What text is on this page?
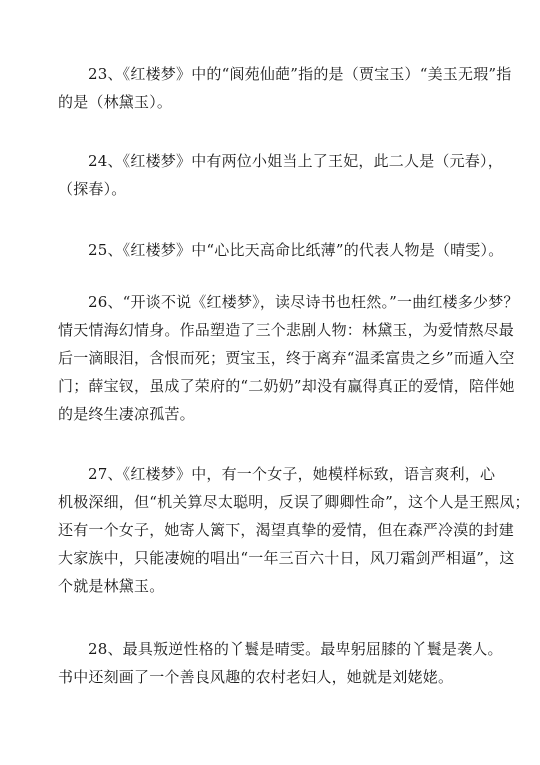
23、《红楼梦》中的“阆苑仙葩”指的是（贾宝玉）“美玉无瑕”指
的是（林黛玉）。
24、《红楼梦》中有两位小姐当上了王妃，此二人是（元春），
（探春）。
25、《红楼梦》中“心比天高命比纸薄”的代表人物是（晴雯）。
26、“开谈不说《红楼梦》，读尽诗书也枉然。”一曲红楼多少梦？
情天情海幻情身。作品塑造了三个悲剧人物：林黛玉，为爱情熬尽最
后一滴眼泪，含恨而死；贾宝玉，终于离弃“温柔富贵之乡”而遁入空
门；薛宝钗，虽成了荣府的“二奶奶”却没有赢得真正的爱情，陪伴她
的是终生凄凉孤苦。
27、《红楼梦》中，有一个女子，她模样标致，语言爽利，心
机极深细，但“机关算尽太聪明，反误了卿卿性命”，这个人是王熙凤；
还有一个女子，她寄人篱下，渴望真挚的爱情，但在森严冷漠的封建
大家族中，只能凄婉的唱出“一年三百六十日，风刀霜剑严相逼”，这
个就是林黛玉。
28、最具叛逆性格的丫鬟是晴雯。最卑躬屈膝的丫鬟是袭人。
书中还刻画了一个善良风趣的农村老妇人，她就是刘姥姥。
